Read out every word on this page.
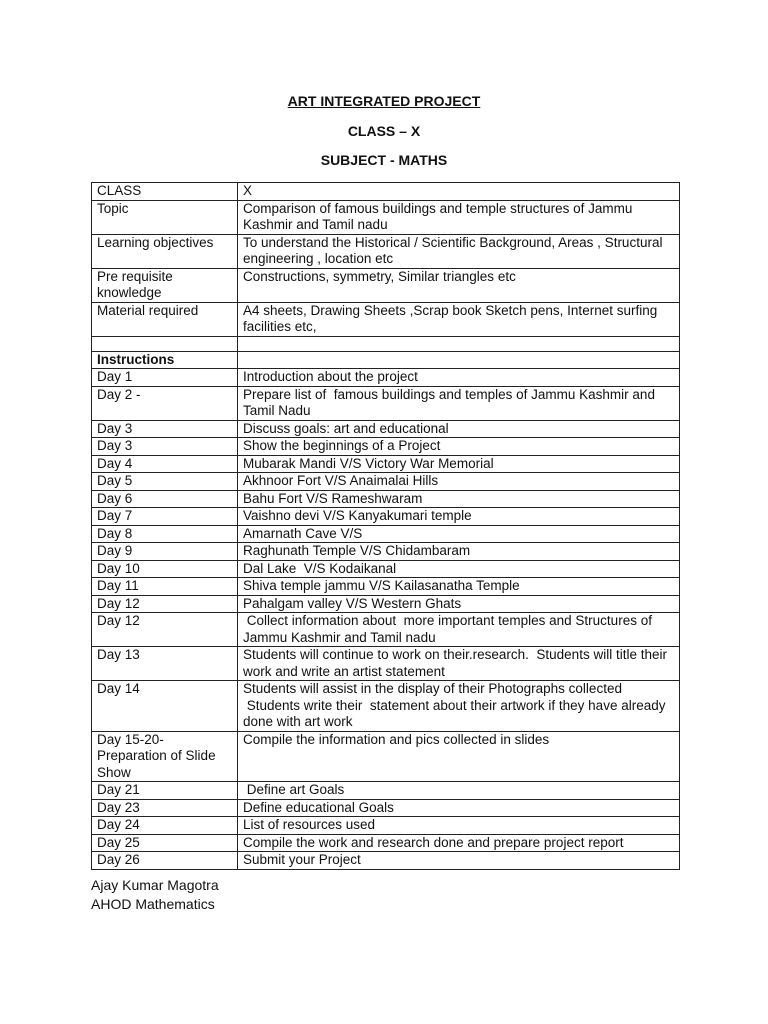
ART INTEGRATED PROJECT
CLASS – X
SUBJECT - MATHS
CLASS	X
Topic	Comparison of famous buildings and temple structures of Jammu Kashmir and Tamil nadu
Learning objectives	To understand the Historical / Scientific Background, Areas , Structural engineering , location etc
Pre requisite knowledge	Constructions, symmetry, Similar triangles etc
Material required	A4 sheets, Drawing Sheets ,Scrap book Sketch pens, Internet surfing facilities etc,

Instructions	
Day 1	Introduction about the project
Day 2 -	Prepare list of  famous buildings and temples of Jammu Kashmir and Tamil Nadu
Day 3	Discuss goals: art and educational
Day 3	Show the beginnings of a Project
Day 4	Mubarak Mandi V/S Victory War Memorial
Day 5	Akhnoor Fort V/S Anaimalai Hills
Day 6	Bahu Fort V/S Rameshwaram
Day 7	Vaishno devi V/S Kanyakumari temple
Day 8	Amarnath Cave V/S
Day 9	Raghunath Temple V/S Chidambaram
Day 10	Dal Lake  V/S Kodaikanal
Day 11	Shiva temple jammu V/S Kailasanatha Temple
Day 12	Pahalgam valley V/S Western Ghats
Day 12	Collect information about  more important temples and Structures of Jammu Kashmir and Tamil nadu
Day 13	Students will continue to work on their.research.  Students will title their work and write an artist statement
Day 14	Students will assist in the display of their Photographs collected
Students write their  statement about their artwork if they have already done with art work
Day 15-20- Preparation of Slide Show	Compile the information and pics collected in slides
Day 21	Define art Goals
Day 23	Define educational Goals
Day 24	List of resources used
Day 25	Compile the work and research done and prepare project report
Day 26	Submit your Project
Ajay Kumar Magotra
AHOD Mathematics
